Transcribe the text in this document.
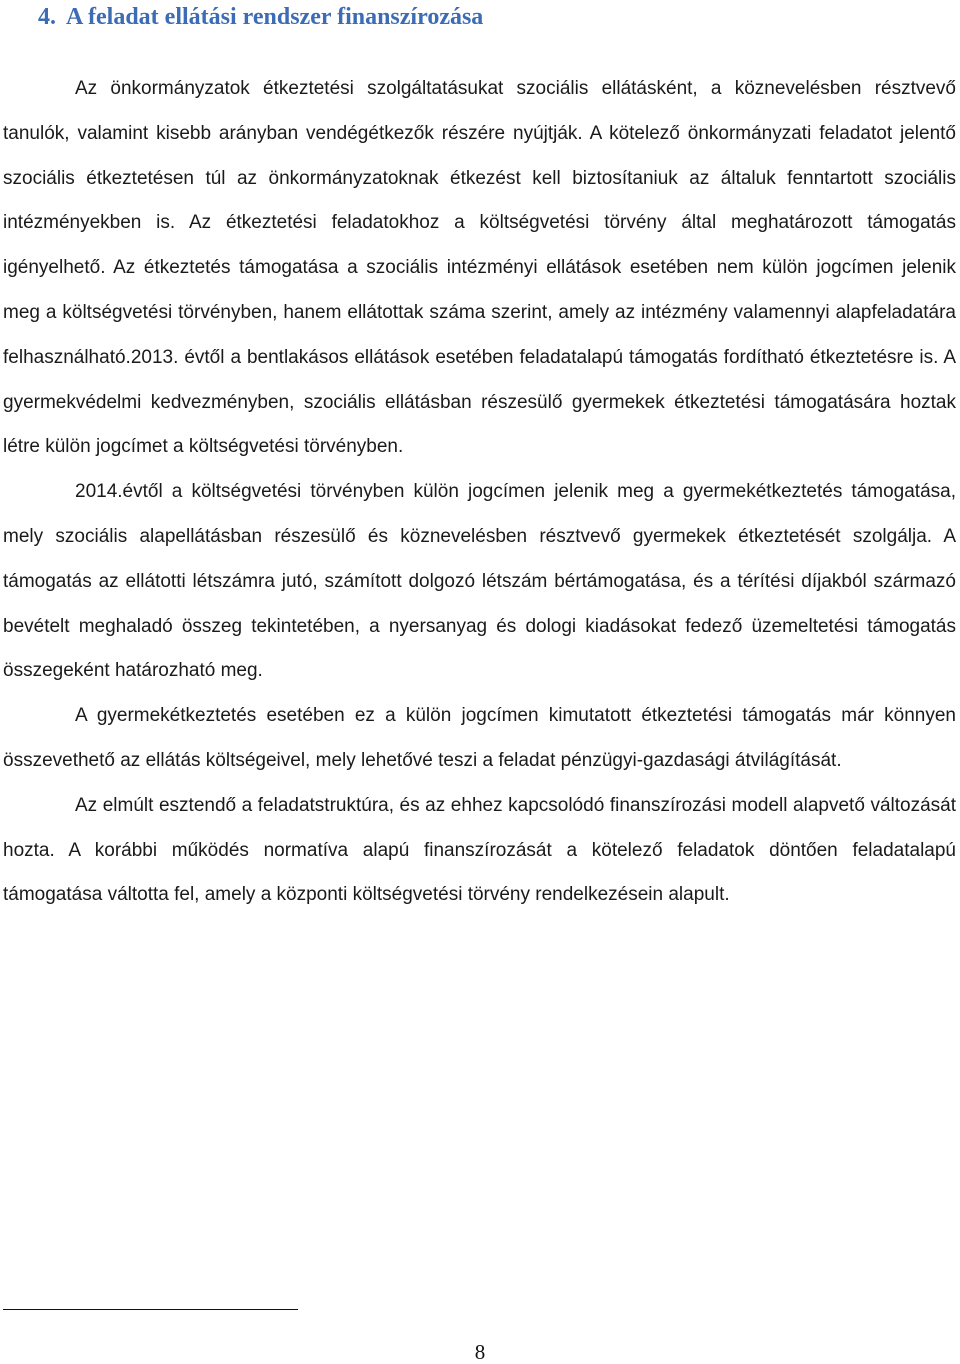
4. A feladat ellátási rendszer finanszírozása

Az önkormányzatok étkeztetési szolgáltatásukat szociális ellátásként, a köznevelésben résztvevő tanulók, valamint kisebb arányban vendégétkezők részére nyújtják. A kötelező önkormányzati feladatot jelentő szociális étkeztetésen túl az önkormányzatoknak étkezést kell biztosítaniuk az általuk fenntartott szociális intézményekben is. Az étkeztetési feladatokhoz a költségvetési törvény által meghatározott támogatás igényelhető. Az étkeztetés támogatása a szociális intézményi ellátások esetében nem külön jogcímen jelenik meg a költségvetési törvényben, hanem ellátottak száma szerint, amely az intézmény valamennyi alapfeladatára felhasználható.2013. évtől a bentlakásos ellátások esetében feladatalapú támogatás fordítható étkeztetésre is. A gyermekvédelmi kedvezményben, szociális ellátásban részesülő gyermekek étkeztetési támogatására hoztak létre külön jogcímet a költségvetési törvényben.

2014.évtől a költségvetési törvényben külön jogcímen jelenik meg a gyermekétkeztetés támogatása, mely szociális alapellátásban részesülő és köznevelésben résztvevő gyermekek étkeztetését szolgálja. A támogatás az ellátotti létszámra jutó, számított dolgozó létszám bértámogatása, és a térítési díjakból származó bevételt meghaladó összeg tekintetében, a nyersanyag és dologi kiadásokat fedező üzemeltetési támogatás összegeként határozható meg.

A gyermekétkeztetés esetében ez a külön jogcímen kimutatott étkeztetési támogatás már könnyen összevethető az ellátás költségeivel, mely lehetővé teszi a feladat pénzügyi-gazdasági átvilágítását.

Az elmúlt esztendő a feladatstruktúra, és az ehhez kapcsolódó finanszírozási modell alapvető változását hozta. A korábbi működés normatíva alapú finanszírozását a kötelező feladatok döntően feladatalapú támogatása váltotta fel, amely a központi költségvetési törvény rendelkezésein alapult.

8
